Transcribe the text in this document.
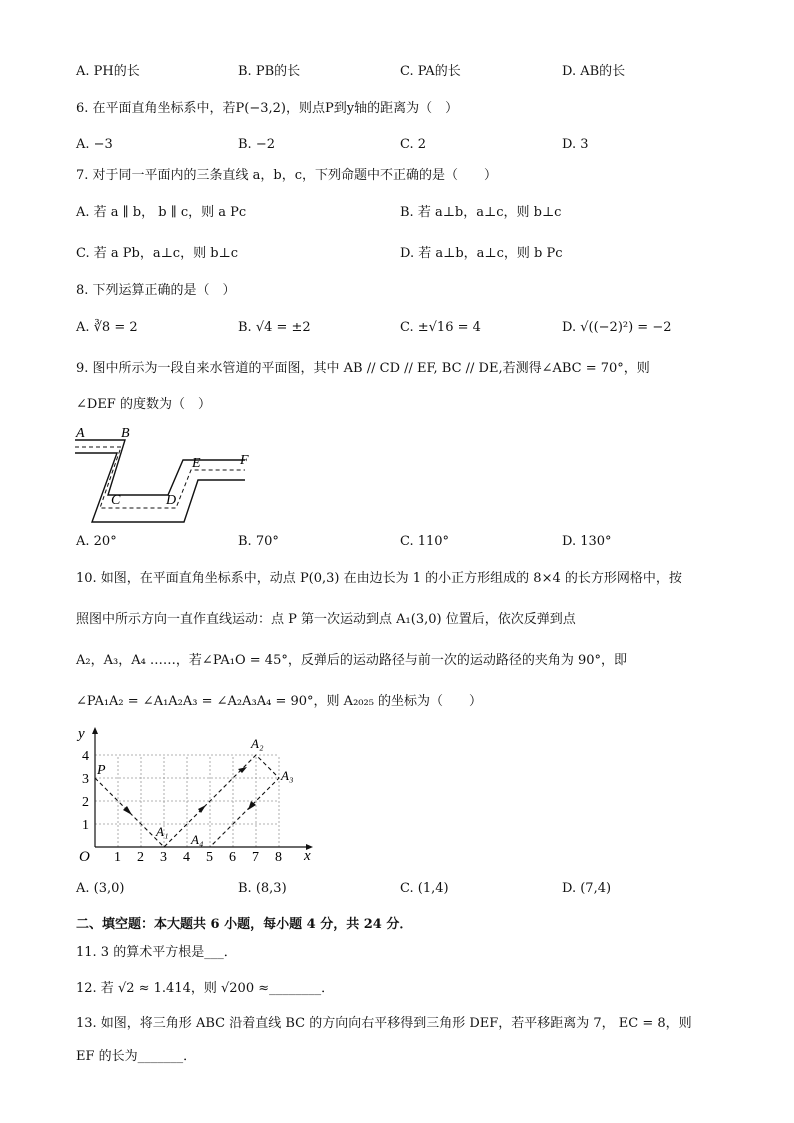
A. PH的长	B. PB的长	C. PA的长	D. AB的长
6. 在平面直角坐标系中，若P(−3,2)，则点P到y轴的距离为（　）
A. −3	B. −2	C. 2	D. 3
7. 对于同一平面内的三条直线 a，b，c，下列命题中不正确的是（　　）
A. 若 a ∥ b， b ∥ c，则 a Pc	B. 若 a⊥b，a⊥c，则 b⊥c
C. 若 a Pb，a⊥c，则 b⊥c	D. 若 a⊥b，a⊥c，则 b Pc
8. 下列运算正确的是（　）
A. ∛8 = 2	B. √4 = ±2	C. ±√16 = 4	D. √((−2)²) = −2
9. 图中所示为一段自来水管道的平面图，其中 AB // CD // EF, BC // DE,若测得∠ABC = 70°，则
∠DEF 的度数为（　）
A	B
C	D
E	F
A. 20°	B. 70°	C. 110°	D. 130°
10. 如图，在平面直角坐标系中，动点 P(0,3) 在由边长为 1 的小正方形组成的 8×4 的长方形网格中，按
照图中所示方向一直作直线运动：点 P 第一次运动到点 A₁(3,0) 位置后，依次反弹到点
A₂，A₃，A₄ ……，若∠PA₁O = 45°，反弹后的运动路径与前一次的运动路径的夹角为 90°，即
∠PA₁A₂ = ∠A₁A₂A₃ = ∠A₂A₃A₄ = 90°，则 A₂₀₂₅ 的坐标为（　　）
y
x
O 1 2 3 4 5 6 7 8
1
2
3
4
P
A₁
A₂
A₃
A₄
A. (3,0)	B. (8,3)	C. (1,4)	D. (7,4)
二、填空题：本大题共 6 小题，每小题 4 分，共 24 分．
11. 3 的算术平方根是___．
12. 若 √2 ≈ 1.414，则 √200 ≈________．
13. 如图，将三角形 ABC 沿着直线 BC 的方向向右平移得到三角形 DEF，若平移距离为 7， EC = 8，则
EF 的长为_______．
